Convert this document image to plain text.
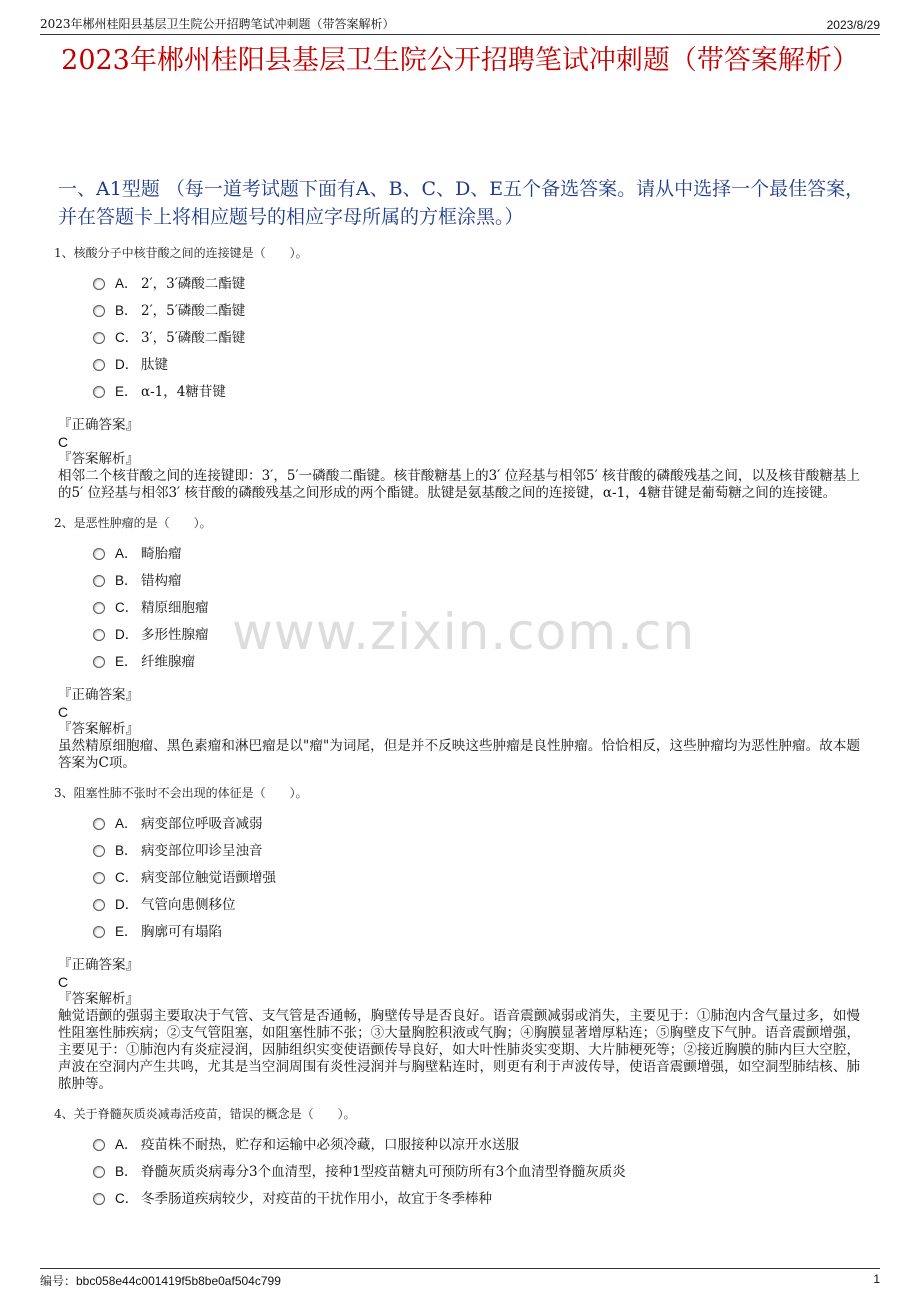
2023年郴州桂阳县基层卫生院公开招聘笔试冲刺题（带答案解析）	2023/8/29
2023年郴州桂阳县基层卫生院公开招聘笔试冲刺题（带答案解析）
一、A1型题 （每一道考试题下面有A、B、C、D、E五个备选答案。请从中选择一个最佳答案，并在答题卡上将相应题号的相应字母所属的方框涂黑。）
www.zixin.com.cn
1、核酸分子中核苷酸之间的连接键是（　　）。
A． 2′，3′磷酸二酯键
B． 2′，5′磷酸二酯键
C． 3′，5′磷酸二酯键
D． 肽键
E． α-1，4糖苷键
『正确答案』
C
『答案解析』
相邻二个核苷酸之间的连接键即：3′，5′一磷酸二酯键。核苷酸糖基上的3′ 位羟基与相邻5′ 核苷酸的磷酸残基之间，以及核苷酸糖基上的5′ 位羟基与相邻3′ 核苷酸的磷酸残基之间形成的两个酯键。肽键是氨基酸之间的连接键，α-1，4糖苷键是葡萄糖之间的连接键。
2、是恶性肿瘤的是（　　）。
A． 畸胎瘤
B． 错构瘤
C． 精原细胞瘤
D． 多形性腺瘤
E． 纤维腺瘤
『正确答案』
C
『答案解析』
虽然精原细胞瘤、黑色素瘤和淋巴瘤是以"瘤"为词尾，但是并不反映这些肿瘤是良性肿瘤。恰恰相反，这些肿瘤均为恶性肿瘤。故本题答案为C项。
3、阻塞性肺不张时不会出现的体征是（　　）。
A． 病变部位呼吸音减弱
B． 病变部位叩诊呈浊音
C． 病变部位触觉语颤增强
D． 气管向患侧移位
E． 胸廓可有塌陷
『正确答案』
C
『答案解析』
触觉语颤的强弱主要取决于气管、支气管是否通畅，胸壁传导是否良好。语音震颤减弱或消失，主要见于：①肺泡内含气量过多，如慢性阻塞性肺疾病；②支气管阻塞，如阻塞性肺不张；③大量胸腔积液或气胸；④胸膜显著增厚粘连；⑤胸壁皮下气肿。语音震颤增强，主要见于：①肺泡内有炎症浸润，因肺组织实变使语颤传导良好，如大叶性肺炎实变期、大片肺梗死等；②接近胸膜的肺内巨大空腔，声波在空洞内产生共鸣，尤其是当空洞周围有炎性浸润并与胸壁粘连时，则更有利于声波传导，使语音震颤增强，如空洞型肺结核、肺脓肿等。
4、关于脊髓灰质炎减毒活疫苗，错误的概念是（　　）。
A． 疫苗株不耐热，贮存和运输中必须冷藏，口服接种以凉开水送服
B． 脊髓灰质炎病毒分3个血清型，接种1型疫苗糖丸可预防所有3个血清型脊髓灰质炎
C． 冬季肠道疾病较少，对疫苗的干扰作用小，故宜于冬季棒种
编号：bbc058e44c001419f5b8be0af504c799	1
